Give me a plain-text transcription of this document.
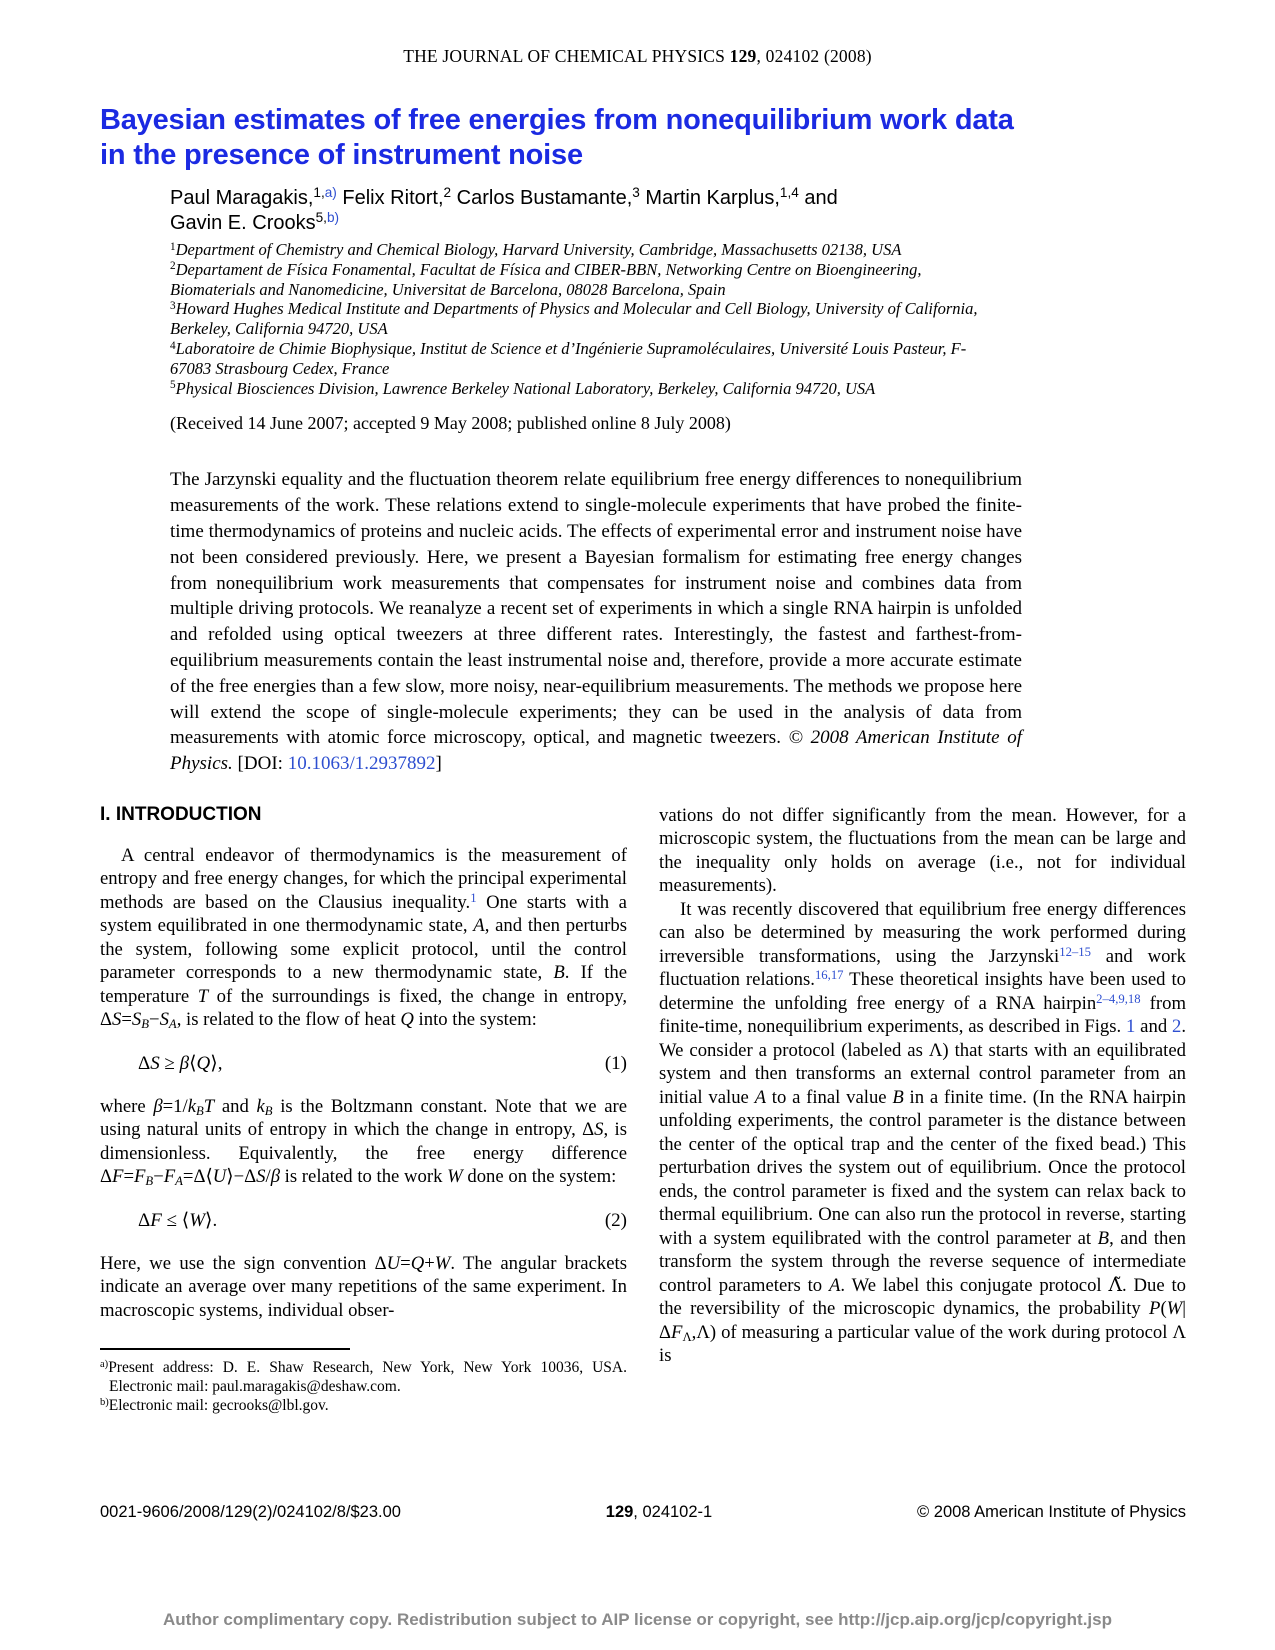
THE JOURNAL OF CHEMICAL PHYSICS 129, 024102 (2008)
Bayesian estimates of free energies from nonequilibrium work data
in the presence of instrument noise
Paul Maragakis,$^{1,a)}$ Felix Ritort,$^2$ Carlos Bustamante,$^3$ Martin Karplus,$^{1,4}$ and
Gavin E. Crooks$^{5,b)}$
$^1$Department of Chemistry and Chemical Biology, Harvard University, Cambridge, Massachusetts 02138, USA
$^2$Departament de Física Fonamental, Facultat de Física and CIBER-BBN, Networking Centre on Bioengineering, Biomaterials and Nanomedicine, Universitat de Barcelona, 08028 Barcelona, Spain
$^3$Howard Hughes Medical Institute and Departments of Physics and Molecular and Cell Biology, University of California, Berkeley, California 94720, USA
$^4$Laboratoire de Chimie Biophysique, Institut de Science et d’Ingénierie Supramoléculaires, Université Louis Pasteur, F-67083 Strasbourg Cedex, France
$^5$Physical Biosciences Division, Lawrence Berkeley National Laboratory, Berkeley, California 94720, USA
(Received 14 June 2007; accepted 9 May 2008; published online 8 July 2008)
The Jarzynski equality and the fluctuation theorem relate equilibrium free energy differences to nonequilibrium measurements of the work. These relations extend to single-molecule experiments that have probed the finite-time thermodynamics of proteins and nucleic acids. The effects of experimental error and instrument noise have not been considered previously. Here, we present a Bayesian formalism for estimating free energy changes from nonequilibrium work measurements that compensates for instrument noise and combines data from multiple driving protocols. We reanalyze a recent set of experiments in which a single RNA hairpin is unfolded and refolded using optical tweezers at three different rates. Interestingly, the fastest and farthest-from-equilibrium measurements contain the least instrumental noise and, therefore, provide a more accurate estimate of the free energies than a few slow, more noisy, near-equilibrium measurements. The methods we propose here will extend the scope of single-molecule experiments; they can be used in the analysis of data from measurements with atomic force microscopy, optical, and magnetic tweezers. © 2008 American Institute of Physics. [DOI: 10.1063/1.2937892]
I. INTRODUCTION

A central endeavor of thermodynamics is the measurement of entropy and free energy changes, for which the principal experimental methods are based on the Clausius inequality.$^1$ One starts with a system equilibrated in one thermodynamic state, A, and then perturbs the system, following some explicit protocol, until the control parameter corresponds to a new thermodynamic state, B. If the temperature T of the surroundings is fixed, the change in entropy, ΔS=SB−SA, is related to the flow of heat Q into the system:

ΔS ≥ β⟨Q⟩,	(1)

where β=1/kBT and kB is the Boltzmann constant. Note that we are using natural units of entropy in which the change in entropy, ΔS, is dimensionless. Equivalently, the free energy difference ΔF=FB−FA=Δ⟨U⟩−ΔS/β is related to the work W done on the system:

ΔF ≤ ⟨W⟩.	(2)

Here, we use the sign convention ΔU=Q+W. The angular brackets indicate an average over many repetitions of the same experiment. In macroscopic systems, individual obser-

$^{a)}$Present address: D. E. Shaw Research, New York, New York 10036, USA. Electronic mail: paul.maragakis@deshaw.com.
$^{b)}$Electronic mail: gecrooks@lbl.gov.

vations do not differ significantly from the mean. However, for a microscopic system, the fluctuations from the mean can be large and the inequality only holds on average (i.e., not for individual measurements).

It was recently discovered that equilibrium free energy differences can also be determined by measuring the work performed during irreversible transformations, using the Jarzynski$^{12-15}$ and work fluctuation relations.$^{16,17}$ These theoretical insights have been used to determine the unfolding free energy of a RNA hairpin$^{2-4,9,18}$ from finite-time, nonequilibrium experiments, as described in Figs. 1 and 2. We consider a protocol (labeled as Λ) that starts with an equilibrated system and then transforms an external control parameter from an initial value A to a final value B in a finite time. (In the RNA hairpin unfolding experiments, the control parameter is the distance between the center of the optical trap and the center of the fixed bead.) This perturbation drives the system out of equilibrium. Once the protocol ends, the control parameter is fixed and the system can relax back to thermal equilibrium. One can also run the protocol in reverse, starting with a system equilibrated with the control parameter at B, and then transform the system through the reverse sequence of intermediate control parameters to A. We label this conjugate protocol Λ̃. Due to the reversibility of the microscopic dynamics, the probability P(W|ΔFΛ,Λ) of measuring a particular value of the work during protocol Λ is

0021-9606/2008/129(2)/024102/8/$23.00	129, 024102-1	© 2008 American Institute of Physics
Author complimentary copy. Redistribution subject to AIP license or copyright, see http://jcp.aip.org/jcp/copyright.jsp
